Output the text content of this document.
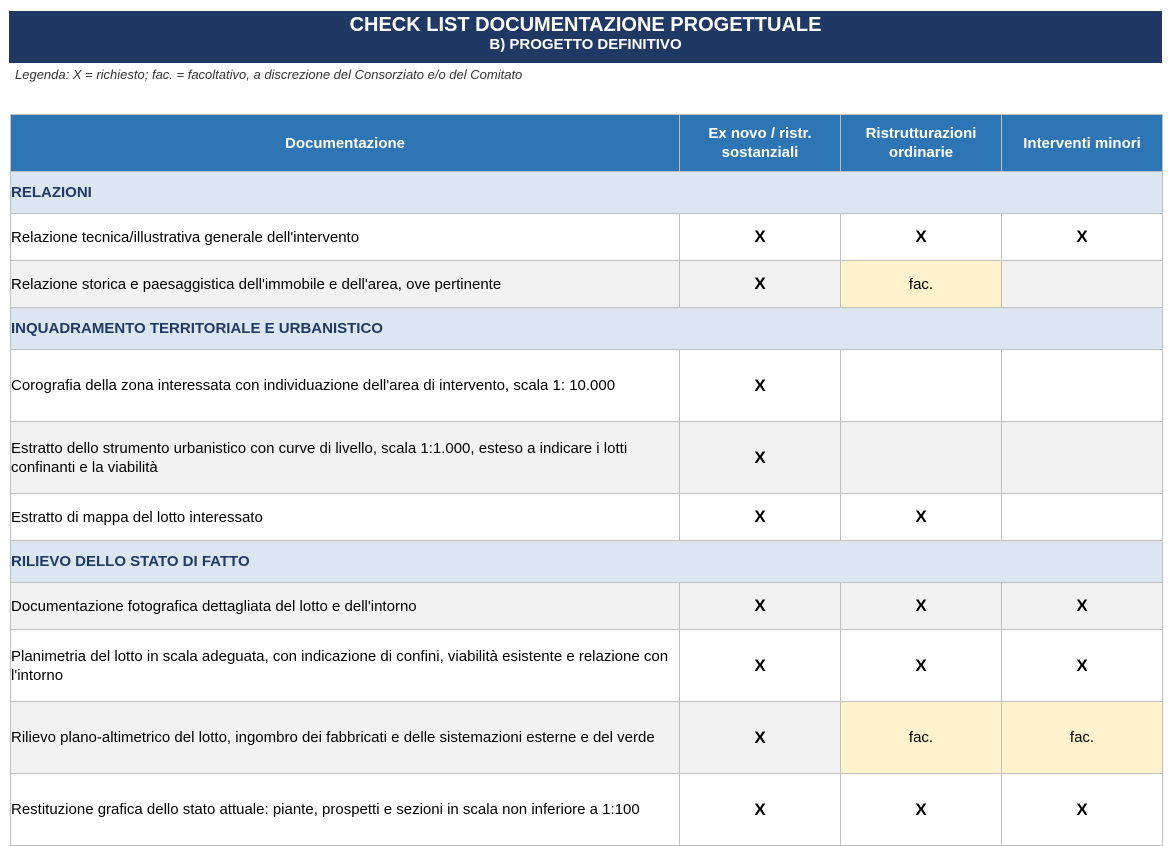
CHECK LIST DOCUMENTAZIONE PROGETTUALE
B) PROGETTO DEFINITIVO
Legenda: X = richiesto; fac. = facoltativo, a discrezione del Consorziato e/o del Comitato
Documentazione	Ex novo / ristr. sostanziali	Ristrutturazioni ordinarie	Interventi minori
RELAZIONI			
Relazione tecnica/illustrativa generale dell'intervento	X	X	X
Relazione storica e paesaggistica dell'immobile e dell'area, ove pertinente	X	fac.	
INQUADRAMENTO TERRITORIALE E URBANISTICO			
Corografia della zona interessata con individuazione dell'area di intervento, scala 1: 10.000	X		
Estratto dello strumento urbanistico con curve di livello, scala 1:1.000, esteso a indicare i lotti confinanti e la viabilità	X		
Estratto di mappa del lotto interessato	X	X	
RILIEVO DELLO STATO DI FATTO			
Documentazione fotografica dettagliata del lotto e dell'intorno	X	X	X
Planimetria del lotto in scala adeguata, con indicazione di confini, viabilità esistente e relazione con l'intorno	X	X	X
Rilievo plano-altimetrico del lotto, ingombro dei fabbricati e delle sistemazioni esterne e del verde	X	fac.	fac.
Restituzione grafica dello stato attuale: piante, prospetti e sezioni in scala non inferiore a 1:100	X	X	X
